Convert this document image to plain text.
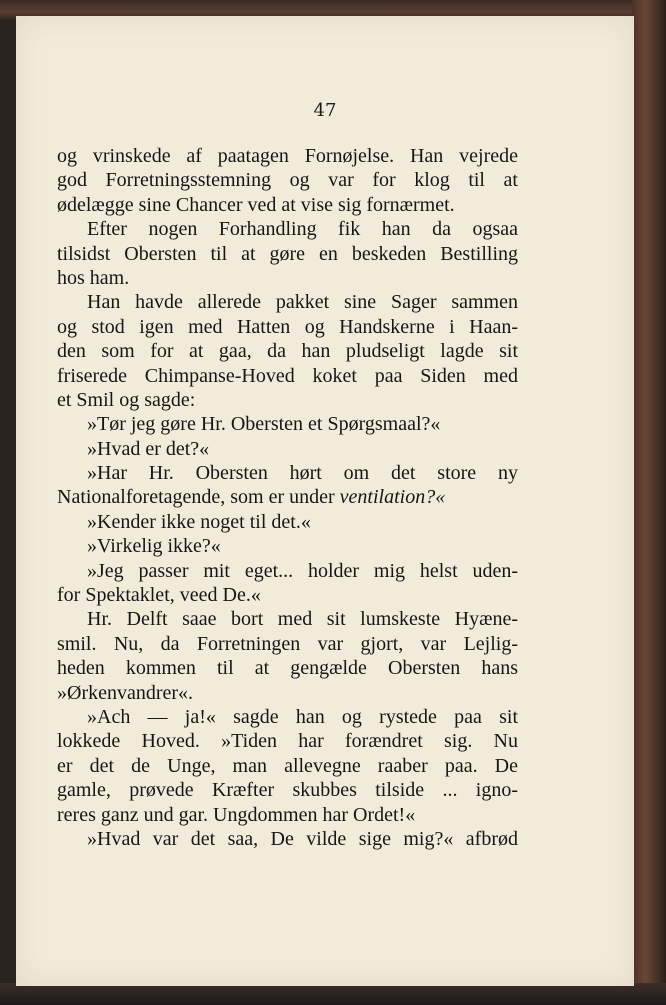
47
og vrinskede af paatagen Fornøjelse. Han vejrede
god Forretningsstemning og var for klog til at
ødelægge sine Chancer ved at vise sig fornærmet.
Efter nogen Forhandling fik han da ogsaa
tilsidst Obersten til at gøre en beskeden Bestilling
hos ham.
Han havde allerede pakket sine Sager sammen
og stod igen med Hatten og Handskerne i Haan-
den som for at gaa, da han pludseligt lagde sit
friserede Chimpanse-Hoved koket paa Siden med
et Smil og sagde:
»Tør jeg gøre Hr. Obersten et Spørgsmaal?«
»Hvad er det?«
»Har Hr. Obersten hørt om det store ny
Nationalforetagende, som er under ventilation?«
»Kender ikke noget til det.«
»Virkelig ikke?«
»Jeg passer mit eget... holder mig helst uden-
for Spektaklet, veed De.«
Hr. Delft saae bort med sit lumskeste Hyæne-
smil. Nu, da Forretningen var gjort, var Lejlig-
heden kommen til at gengælde Obersten hans
»Ørkenvandrer«.
»Ach — ja!« sagde han og rystede paa sit
lokkede Hoved. »Tiden har forændret sig. Nu
er det de Unge, man allevegne raaber paa. De
gamle, prøvede Kræfter skubbes tilside ... igno-
reres ganz und gar. Ungdommen har Ordet!«
»Hvad var det saa, De vilde sige mig?« afbrød
